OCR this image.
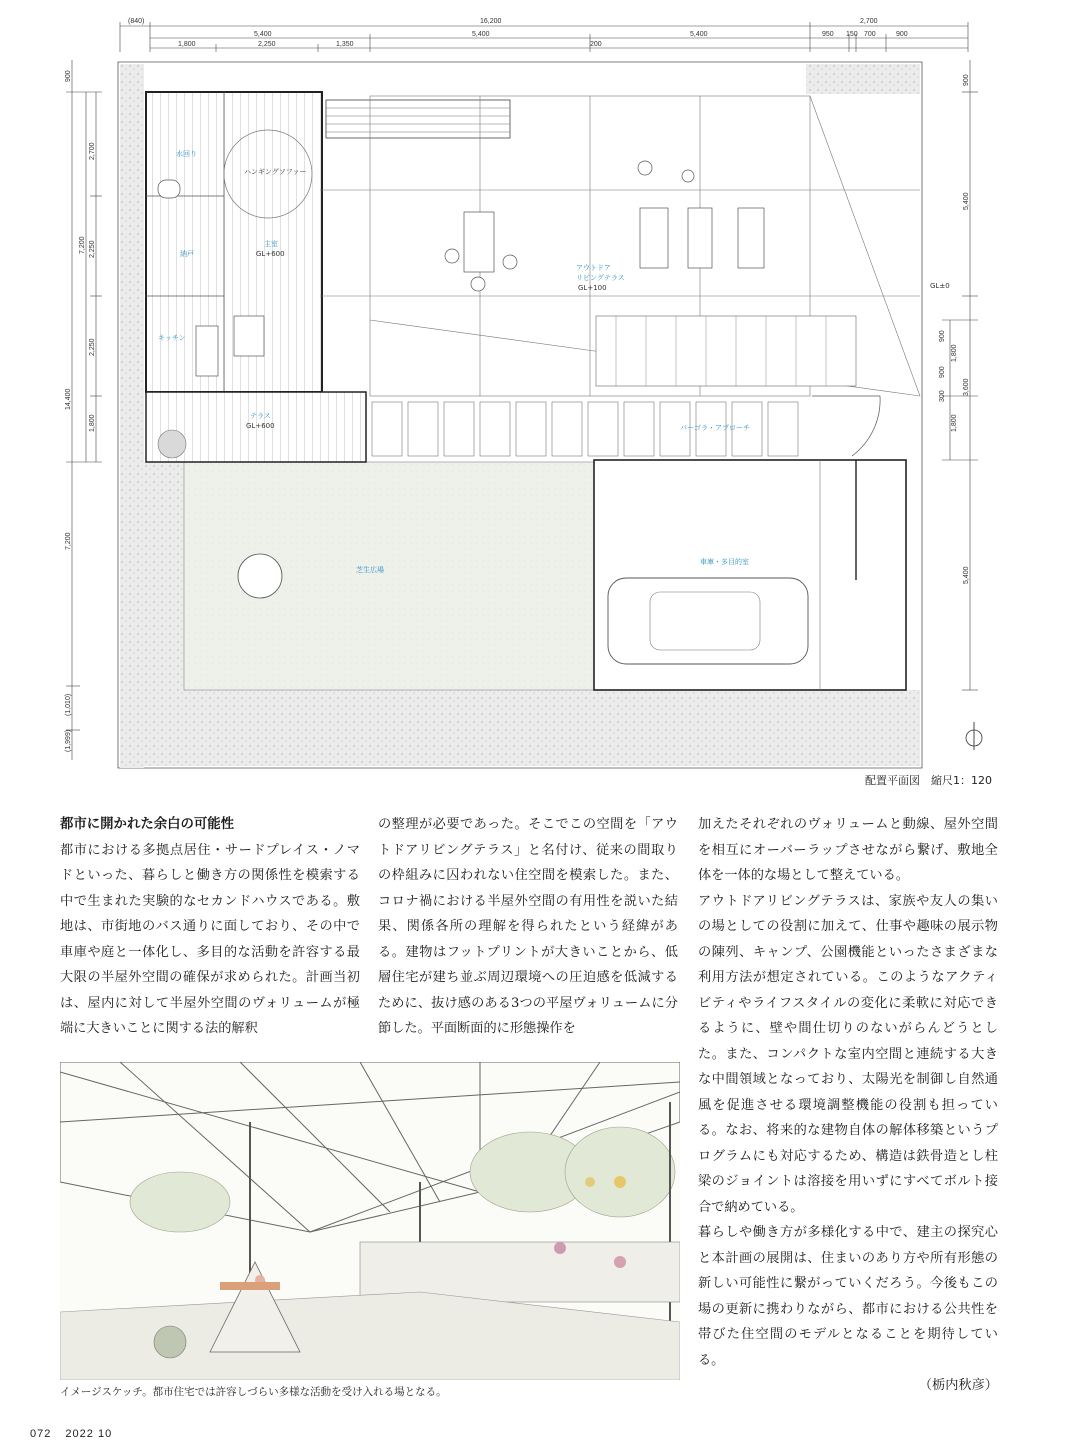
(840)	16,200	2,700
5,400	5,400	5,400	950 150 700	900
1,800	2,250	1,350	200
900
2,700
2,250
2,250
1,800
7,200
7,200
14,400
(1,010)
(1,999)
900
5,400
900
1,800
900
300
3,600
1,800
5,400
水回り
ハンギングソファー
納戸
主室
GL+600
キッチン
テラス
GL+600
アウトドア
リビングテラス
GL+100	GL±0
パーゴラ・アプローチ
芝生広場
車庫・多目的室
配置平面図　縮尺1：120
都市に開かれた余白の可能性

都市における多拠点居住・サードプレイス・ノマドといった、暮らしと働き方の関係性を模索する中で生まれた実験的なセカンドハウスである。敷地は、市街地のバス通りに面しており、その中で車庫や庭と一体化し、多目的な活動を許容する最大限の半屋外空間の確保が求められた。計画当初は、屋内に対して半屋外空間のヴォリュームが極端に大きいことに関する法的解釈

の整理が必要であった。そこでこの空間を「アウトドアリビングテラス」と名付け、従来の間取りの枠組みに囚われない住空間を模索した。また、コロナ禍における半屋外空間の有用性を説いた結果、関係各所の理解を得られたという経緯がある。建物はフットプリントが大きいことから、低層住宅が建ち並ぶ周辺環境への圧迫感を低減するために、抜け感のある3つの平屋ヴォリュームに分節した。平面断面的に形態操作を

加えたそれぞれのヴォリュームと動線、屋外空間を相互にオーバーラップさせながら繋げ、敷地全体を一体的な場として整えている。

アウトドアリビングテラスは、家族や友人の集いの場としての役割に加えて、仕事や趣味の展示物の陳列、キャンプ、公園機能といったさまざまな利用方法が想定されている。このようなアクティビティやライフスタイルの変化に柔軟に対応できるように、壁や間仕切りのないがらんどうとした。また、コンパクトな室内空間と連続する大きな中間領域となっており、太陽光を制御し自然通風を促進させる環境調整機能の役割も担っている。なお、将来的な建物自体の解体移築というプログラムにも対応するため、構造は鉄骨造とし柱梁のジョイントは溶接を用いずにすべてボルト接合で納めている。

暮らしや働き方が多様化する中で、建主の探究心と本計画の展開は、住まいのあり方や所有形態の新しい可能性に繋がっていくだろう。今後もこの場の更新に携わりながら、都市における公共性を帯びた住空間のモデルとなることを期待している。

（栃内秋彦）
イメージスケッチ。都市住宅では許容しづらい多様な活動を受け入れる場となる。
072 2022 10
